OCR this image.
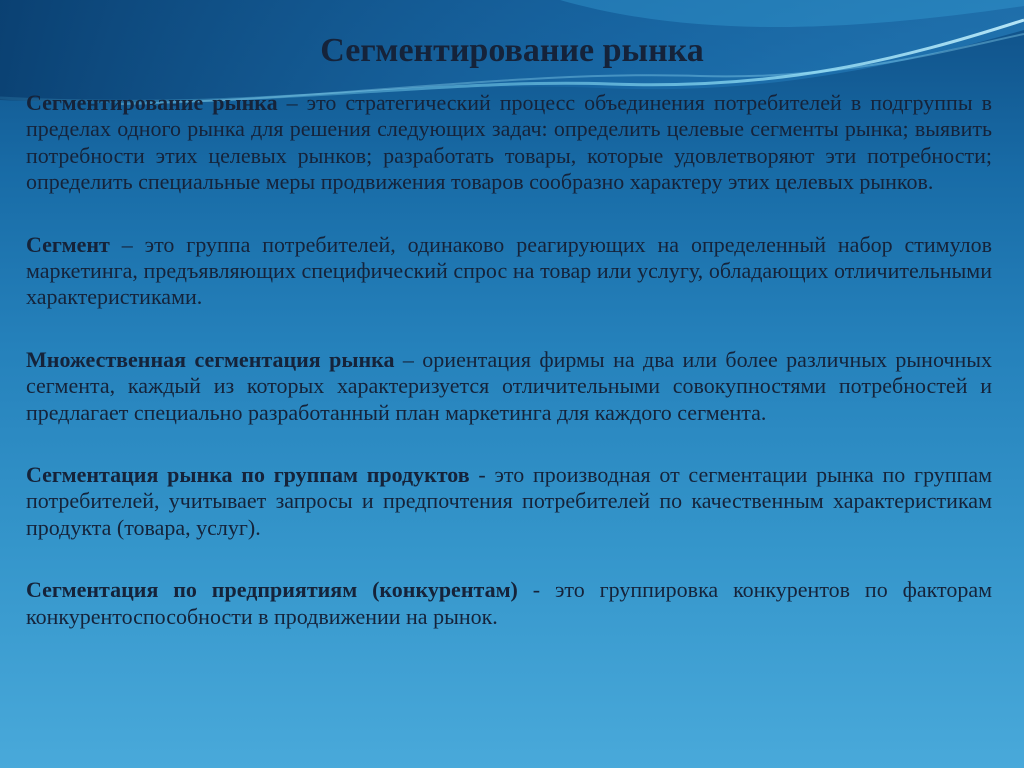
Сегментирование рынка

Сегментирование рынка – это стратегический процесс объединения потребителей в подгруппы в пределах одного рынка для решения следующих задач: определить целевые сегменты рынка; выявить потребности этих целевых рынков; разработать товары, которые удовлетворяют эти потребности; определить специальные меры продвижения товаров сообразно характеру этих целевых рынков.

Сегмент – это группа потребителей, одинаково реагирующих на определенный набор стимулов маркетинга, предъявляющих специфический спрос на товар или услугу, обладающих отличительными характеристиками.

Множественная сегментация рынка – ориентация фирмы на два или более различных рыночных сегмента, каждый из которых характеризуется отличительными совокупностями потребностей и предлагает специально разработанный план маркетинга для каждого сегмента.

Сегментация рынка по группам продуктов - это производная от сегментации рынка по группам потребителей, учитывает запросы и предпочтения потребителей по качественным характеристикам продукта (товара, услуг).

Сегментация по предприятиям (конкурентам) - это группировка конкурентов по факторам конкурентоспособности в продвижении на рынок.
